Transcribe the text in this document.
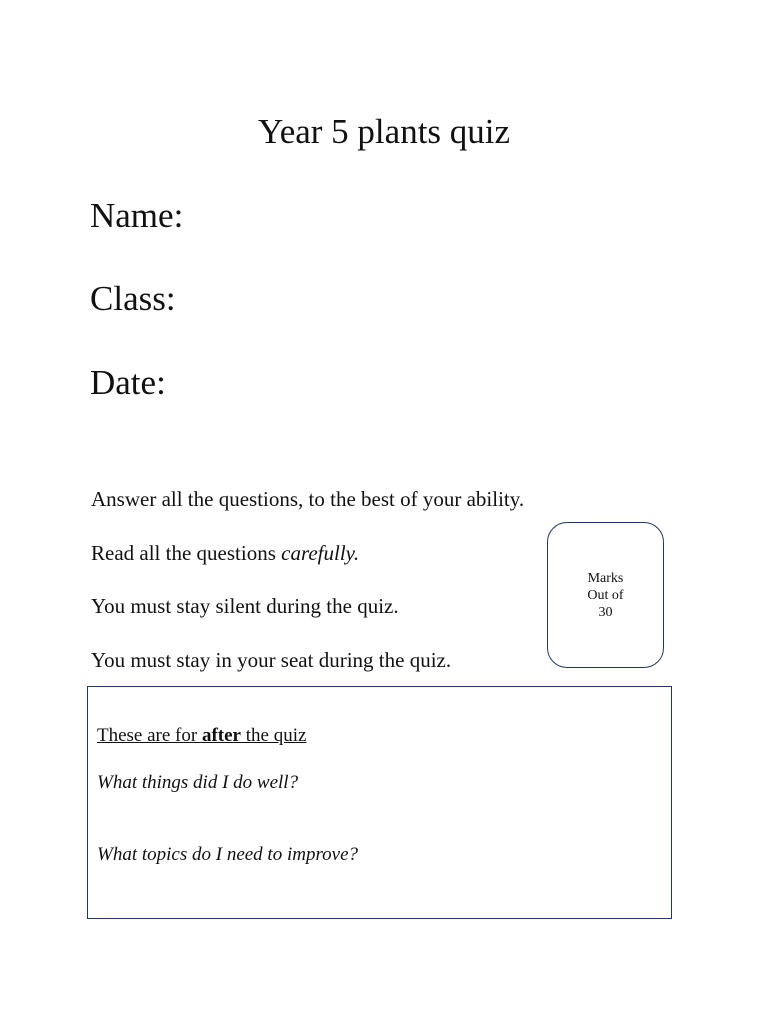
Year 5 plants quiz
Name:
Class:
Date:
Answer all the questions, to the best of your ability.
Read all the questions carefully.
You must stay silent during the quiz.
You must stay in your seat during the quiz.
Marks
Out of
30
These are for after the quiz
What things did I do well?
What topics do I need to improve?
